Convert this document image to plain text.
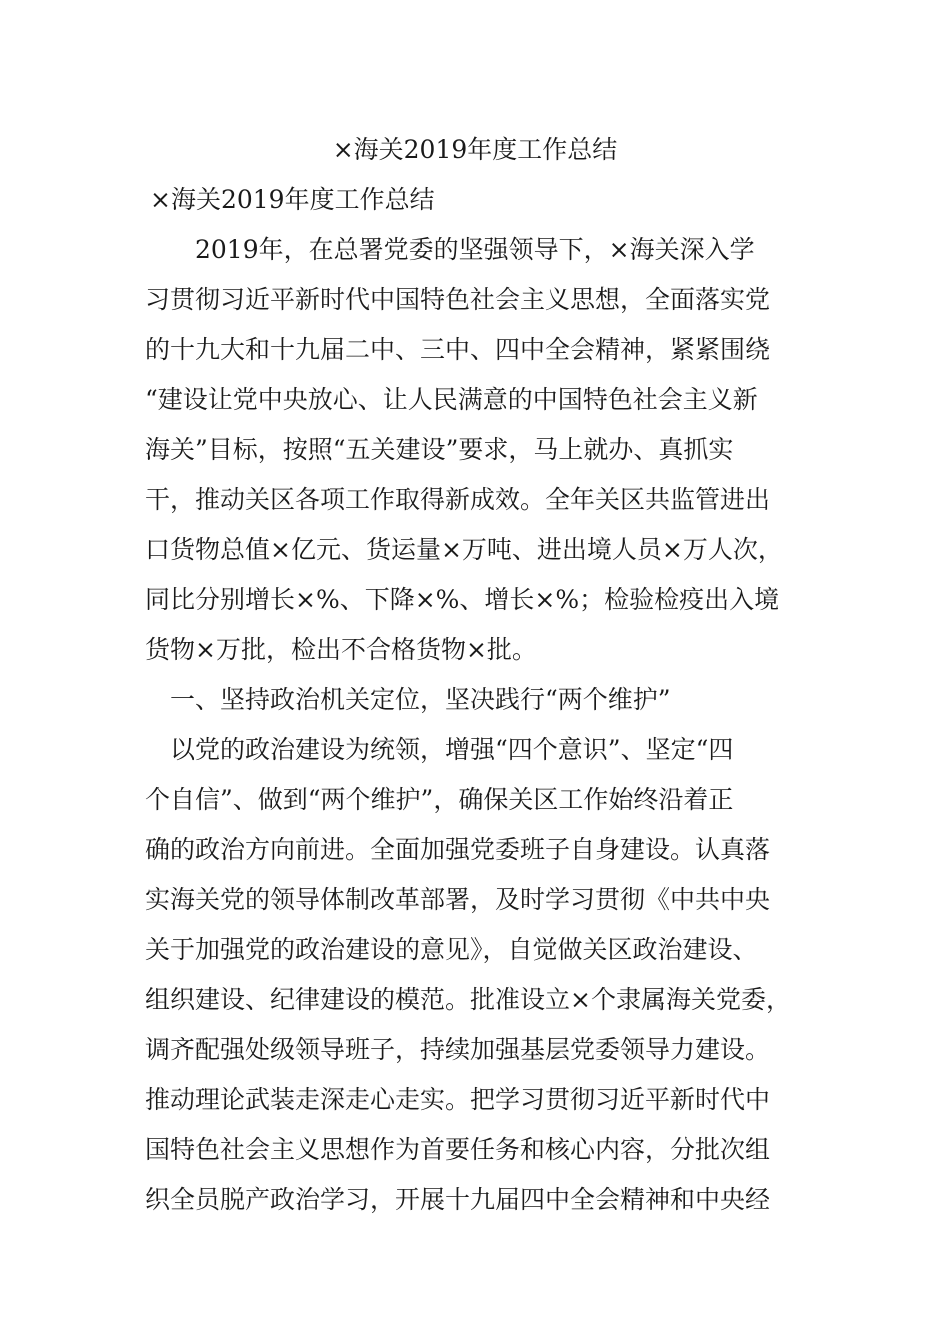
×海关2019年度工作总结
×海关2019年度工作总结
　　2019年，在总署党委的坚强领导下，×海关深入学
习贯彻习近平新时代中国特色社会主义思想，全面落实党
的十九大和十九届二中、三中、四中全会精神，紧紧围绕
“建设让党中央放心、让人民满意的中国特色社会主义新
海关”目标，按照“五关建设”要求，马上就办、真抓实
干，推动关区各项工作取得新成效。全年关区共监管进出
口货物总值×亿元、货运量×万吨、进出境人员×万人次，
同比分别增长×%、下降×%、增长×%；检验检疫出入境
货物×万批，检出不合格货物×批。
　一、坚持政治机关定位，坚决践行“两个维护”
　以党的政治建设为统领，增强“四个意识”、坚定“四
个自信”、做到“两个维护”，确保关区工作始终沿着正
确的政治方向前进。全面加强党委班子自身建设。认真落
实海关党的领导体制改革部署，及时学习贯彻《中共中央
关于加强党的政治建设的意见》，自觉做关区政治建设、
组织建设、纪律建设的模范。批准设立×个隶属海关党委，
调齐配强处级领导班子，持续加强基层党委领导力建设。
推动理论武装走深走心走实。把学习贯彻习近平新时代中
国特色社会主义思想作为首要任务和核心内容，分批次组
织全员脱产政治学习，开展十九届四中全会精神和中央经
